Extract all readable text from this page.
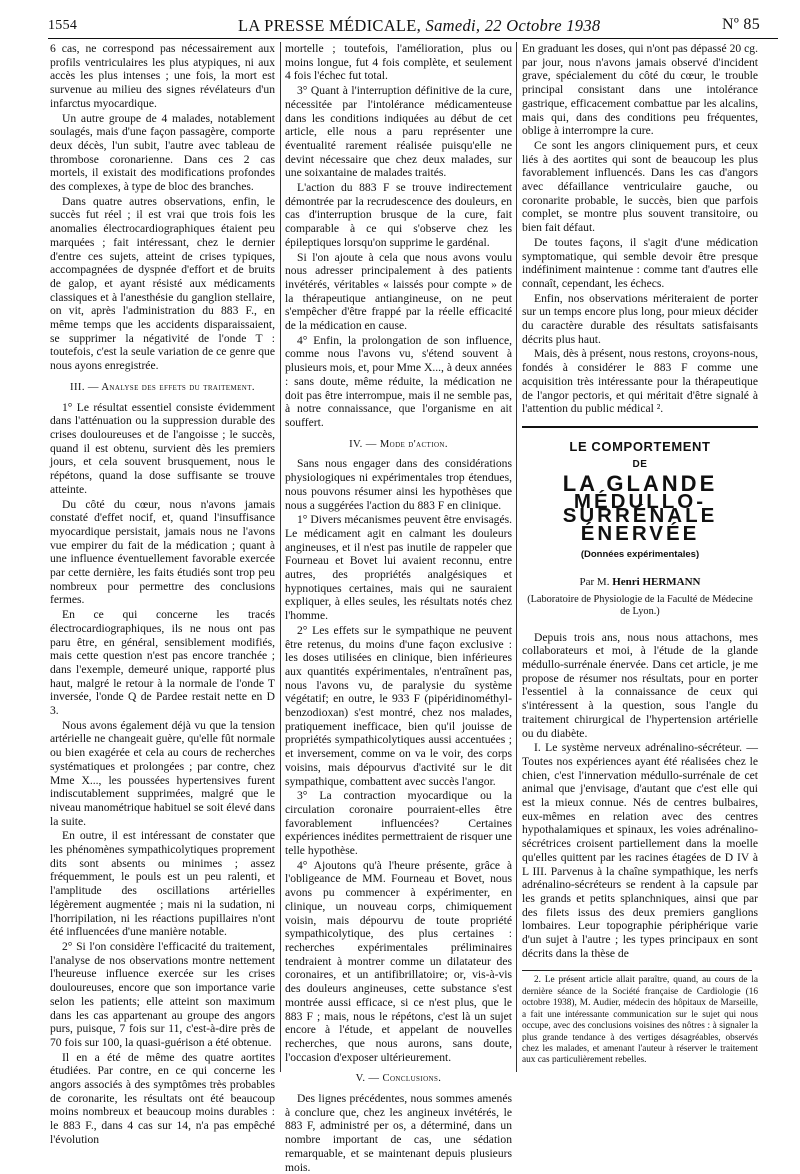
1554	LA PRESSE MÉDICALE, Samedi, 22 Octobre 1938	Nº 85

6 cas, ne correspond pas nécessairement aux profils ventriculaires les plus atypiques, ni aux accès les plus intenses ; une fois, la mort est survenue au milieu des signes révélateurs d'un infarctus myocardique.

Un autre groupe de 4 malades, notablement soulagés, mais d'une façon passagère, comporte deux décès, l'un subit, l'autre avec tableau de thrombose coronarienne. Dans ces 2 cas mortels, il existait des modifications profondes des complexes, à type de bloc des branches.

Dans quatre autres observations, enfin, le succès fut réel ; il est vrai que trois fois les anomalies électrocardiographiques étaient peu marquées ; fait intéressant, chez le dernier d'entre ces sujets, atteint de crises typiques, accompagnées de dyspnée d'effort et de bruits de galop, et ayant résisté aux médicaments classiques et à l'anesthésie du ganglion stellaire, on vit, après l'administration du 883 F., en même temps que les accidents disparaissaient, se supprimer la négativité de l'onde T : toutefois, c'est la seule variation de ce genre que nous ayons enregistrée.

III. — Analyse des effets du traitement.

1° Le résultat essentiel consiste évidemment dans l'atténuation ou la suppression durable des crises douloureuses et de l'angoisse ; le succès, quand il est obtenu, survient dès les premiers jours, et cela souvent brusquement, nous le répétons, quand la dose suffisante se trouve atteinte.

Du côté du cœur, nous n'avons jamais constaté d'effet nocif, et, quand l'insuffisance myocardique persistait, jamais nous ne l'avons vue empirer du fait de la médication ; quant à une influence éventuellement favorable exercée par cette dernière, les faits étudiés sont trop peu nombreux pour permettre des conclusions fermes.

En ce qui concerne les tracés électrocardiographiques, ils ne nous ont pas paru être, en général, sensiblement modifiés, mais cette question n'est pas encore tranchée ; dans l'exemple, demeuré unique, rapporté plus haut, malgré le retour à la normale de l'onde T inversée, l'onde Q de Pardee restait nette en D 3.

Nous avons également déjà vu que la tension artérielle ne changeait guère, qu'elle fût normale ou bien exagérée et cela au cours de recherches systématiques et prolongées ; par contre, chez Mme X..., les poussées hypertensives furent indiscutablement supprimées, malgré que le niveau manométrique habituel se soit élevé dans la suite.

En outre, il est intéressant de constater que les phénomènes sympathicolytiques proprement dits sont absents ou minimes ; assez fréquemment, le pouls est un peu ralenti, et l'amplitude des oscillations artérielles légèrement augmentée ; mais ni la sudation, ni l'horripilation, ni les réactions pupillaires n'ont été influencées d'une manière notable.

2° Si l'on considère l'efficacité du traitement, l'analyse de nos observations montre nettement l'heureuse influence exercée sur les crises douloureuses, encore que son importance varie selon les patients; elle atteint son maximum dans les cas appartenant au groupe des angors purs, puisque, 7 fois sur 11, c'est-à-dire près de 70 fois sur 100, la quasi-guérison a été obtenue.

Il en a été de même des quatre aortites étudiées. Par contre, en ce qui concerne les angors associés à des symptômes très probables de coronarite, les résultats ont été beaucoup moins nombreux et beaucoup moins durables : le 883 F., dans 4 cas sur 14, n'a pas empêché l'évolution

mortelle ; toutefois, l'amélioration, plus ou moins longue, fut 4 fois complète, et seulement 4 fois l'échec fut total.

3° Quant à l'interruption définitive de la cure, nécessitée par l'intolérance médicamenteuse dans les conditions indiquées au début de cet article, elle nous a paru représenter une éventualité rarement réalisée puisqu'elle ne devint nécessaire que chez deux malades, sur une soixantaine de malades traités.

L'action du 883 F se trouve indirectement démontrée par la recrudescence des douleurs, en cas d'interruption brusque de la cure, fait comparable à ce qui s'observe chez les épileptiques lorsqu'on supprime le gardénal.

Si l'on ajoute à cela que nous avons voulu nous adresser principalement à des patients invétérés, véritables « laissés pour compte » de la thérapeutique antiangineuse, on ne peut s'empêcher d'être frappé par la réelle efficacité de la médication en cause.

4° Enfin, la prolongation de son influence, comme nous l'avons vu, s'étend souvent à plusieurs mois, et, pour Mme X..., à deux années : sans doute, même réduite, la médication ne doit pas être interrompue, mais il ne semble pas, à notre connaissance, que l'organisme en ait souffert.

IV. — Mode d'action.

Sans nous engager dans des considérations physiologiques ni expérimentales trop étendues, nous pouvons résumer ainsi les hypothèses que nous a suggérées l'action du 883 F en clinique.

1° Divers mécanismes peuvent être envisagés. Le médicament agit en calmant les douleurs angineuses, et il n'est pas inutile de rappeler que Fourneau et Bovet lui avaient reconnu, entre autres, des propriétés analgésiques et hypnotiques certaines, mais qui ne sauraient expliquer, à elles seules, les résultats notés chez l'homme.

2° Les effets sur le sympathique ne peuvent être retenus, du moins d'une façon exclusive : les doses utilisées en clinique, bien inférieures aux quantités expérimentales, n'entraînent pas, nous l'avons vu, de paralysie du système végétatif; en outre, le 933 F (pipéridinométhyl-benzodioxan) s'est montré, chez nos malades, pratiquement inefficace, bien qu'il jouisse de propriétés sympathicolytiques aussi accentuées ; et inversement, comme on va le voir, des corps voisins, mais dépourvus d'activité sur le dit sympathique, combattent avec succès l'angor.

3° La contraction myocardique ou la circulation coronaire pourraient-elles être favorablement influencées? Certaines expériences inédites permettraient de risquer une telle hypothèse.

4° Ajoutons qu'à l'heure présente, grâce à l'obligeance de MM. Fourneau et Bovet, nous avons pu commencer à expérimenter, en clinique, un nouveau corps, chimiquement voisin, mais dépourvu de toute propriété sympathicolytique, des plus certaines : recherches expérimentales préliminaires tendraient à montrer comme un dilatateur des coronaires, et un antifibrillatoire; or, vis-à-vis des douleurs angineuses, cette substance s'est montrée aussi efficace, si ce n'est plus, que le 883 F ; mais, nous le répétons, c'est là un sujet encore à l'étude, et appelant de nouvelles recherches, que nous aurons, sans doute, l'occasion d'exposer ultérieurement.

V. — Conclusions.

Des lignes précédentes, nous sommes amenés à conclure que, chez les angineux invétérés, le 883 F, administré per os, a déterminé, dans un nombre important de cas, une sédation remarquable, et se maintenant depuis plusieurs mois.

En graduant les doses, qui n'ont pas dépassé 20 cg. par jour, nous n'avons jamais observé d'incident grave, spécialement du côté du cœur, le trouble principal consistant dans une intolérance gastrique, efficacement combattue par les alcalins, mais qui, dans des conditions peu fréquentes, oblige à interrompre la cure.

Ce sont les angors cliniquement purs, et ceux liés à des aortites qui sont de beaucoup les plus favorablement influencés. Dans les cas d'angors avec défaillance ventriculaire gauche, ou coronarite probable, le succès, bien que parfois complet, se montre plus souvent transitoire, ou bien fait défaut.

De toutes façons, il s'agit d'une médication symptomatique, qui semble devoir être presque indéfiniment maintenue : comme tant d'autres elle connaît, cependant, les échecs.

Enfin, nos observations mériteraient de porter sur un temps encore plus long, pour mieux décider du caractère durable des résultats satisfaisants décrits plus haut.

Mais, dès à présent, nous restons, croyons-nous, fondés à considérer le 883 F comme une acquisition très intéressante pour la thérapeutique de l'angor pectoris, et qui méritait d'être signalé à l'attention du public médical ².

LE COMPORTEMENT
DE
LA GLANDE
MÉDULLO-SURRÉNALE
ÉNERVÉE
(Données expérimentales)
Par M. Henri HERMANN
(Laboratoire de Physiologie de la Faculté de Médecine de Lyon.)

Depuis trois ans, nous nous attachons, mes collaborateurs et moi, à l'étude de la glande médullo-surrénale énervée. Dans cet article, je me propose de résumer nos résultats, pour en porter l'essentiel à la connaissance de ceux qui s'intéressent à la question, sous l'angle du traitement chirurgical de l'hypertension artérielle ou du diabète.

I. Le système nerveux adrénalino-sécréteur. — Toutes nos expériences ayant été réalisées chez le chien, c'est l'innervation médullo-surrénale de cet animal que j'envisage, d'autant que c'est elle qui est la mieux connue. Nés de centres bulbaires, eux-mêmes en relation avec des centres hypothalamiques et spinaux, les voies adrénalino-sécrétrices croisent partiellement dans la moelle qu'elles quittent par les racines étagées de D IV à L III. Parvenus à la chaîne sympathique, les nerfs adrénalino-sécréteurs se rendent à la capsule par les grands et petits splanchniques, ainsi que par des filets issus des deux premiers ganglions lombaires. Leur topographie périphérique varie d'un sujet à l'autre ; les types principaux en sont décrits dans la thèse de

2. Le présent article allait paraître, quand, au cours de la dernière séance de la Société française de Cardiologie (16 octobre 1938), M. Audier, médecin des hôpitaux de Marseille, a fait une intéressante communication sur le sujet qui nous occupe, avec des conclusions voisines des nôtres : à signaler la plus grande tendance à des vertiges désagréables, observés chez les malades, et amenant l'auteur à réserver le traitement aux cas particulièrement rebelles.
